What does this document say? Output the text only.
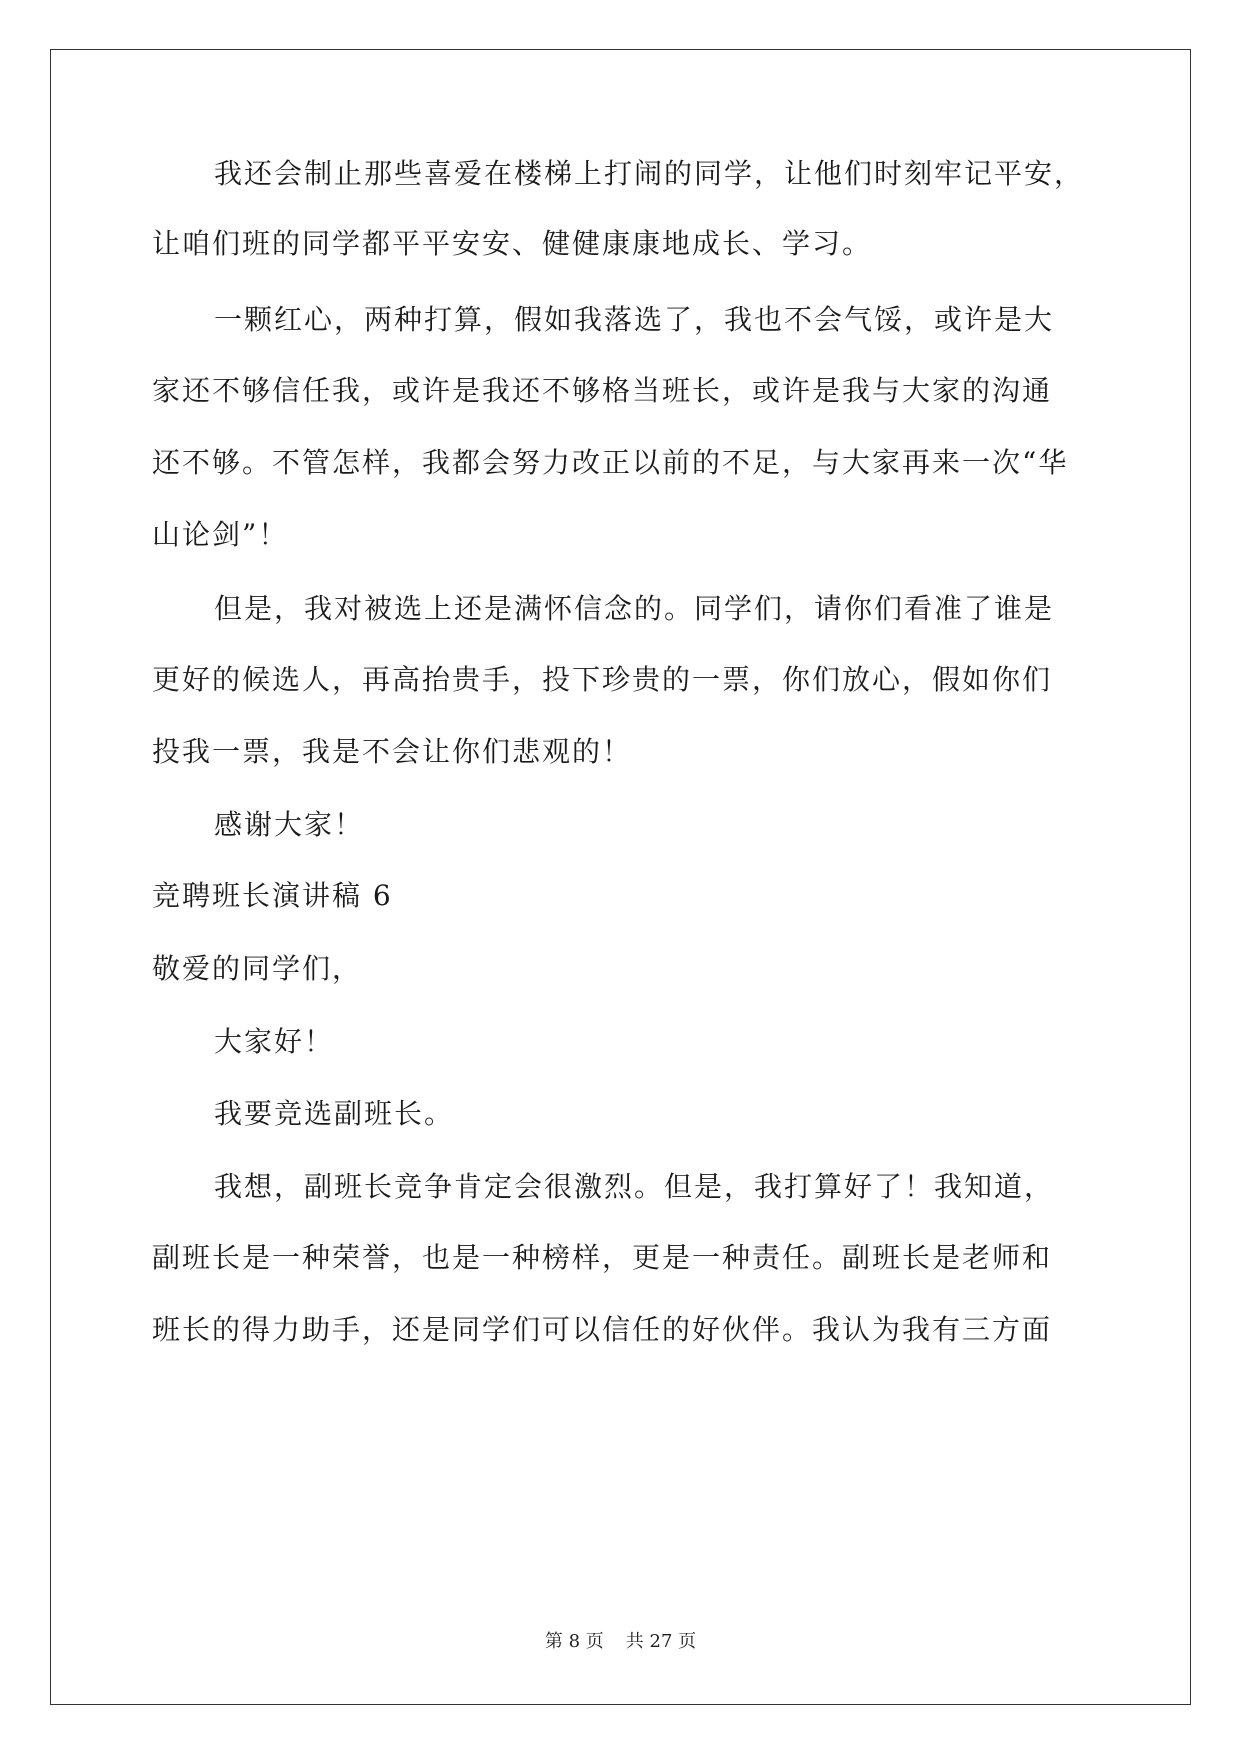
我还会制止那些喜爱在楼梯上打闹的同学，让他们时刻牢记平安，
让咱们班的同学都平平安安、健健康康地成长、学习。
一颗红心，两种打算，假如我落选了，我也不会气馁，或许是大
家还不够信任我，或许是我还不够格当班长，或许是我与大家的沟通
还不够。不管怎样，我都会努力改正以前的不足，与大家再来一次“华
山论剑”！
但是，我对被选上还是满怀信念的。同学们，请你们看准了谁是
更好的候选人，再高抬贵手，投下珍贵的一票，你们放心，假如你们
投我一票，我是不会让你们悲观的！
感谢大家！
竞聘班长演讲稿 6
敬爱的同学们，
大家好！
我要竞选副班长。
我想，副班长竞争肯定会很激烈。但是，我打算好了！我知道，
副班长是一种荣誉，也是一种榜样，更是一种责任。副班长是老师和
班长的得力助手，还是同学们可以信任的好伙伴。我认为我有三方面
第 8 页 共 27 页
